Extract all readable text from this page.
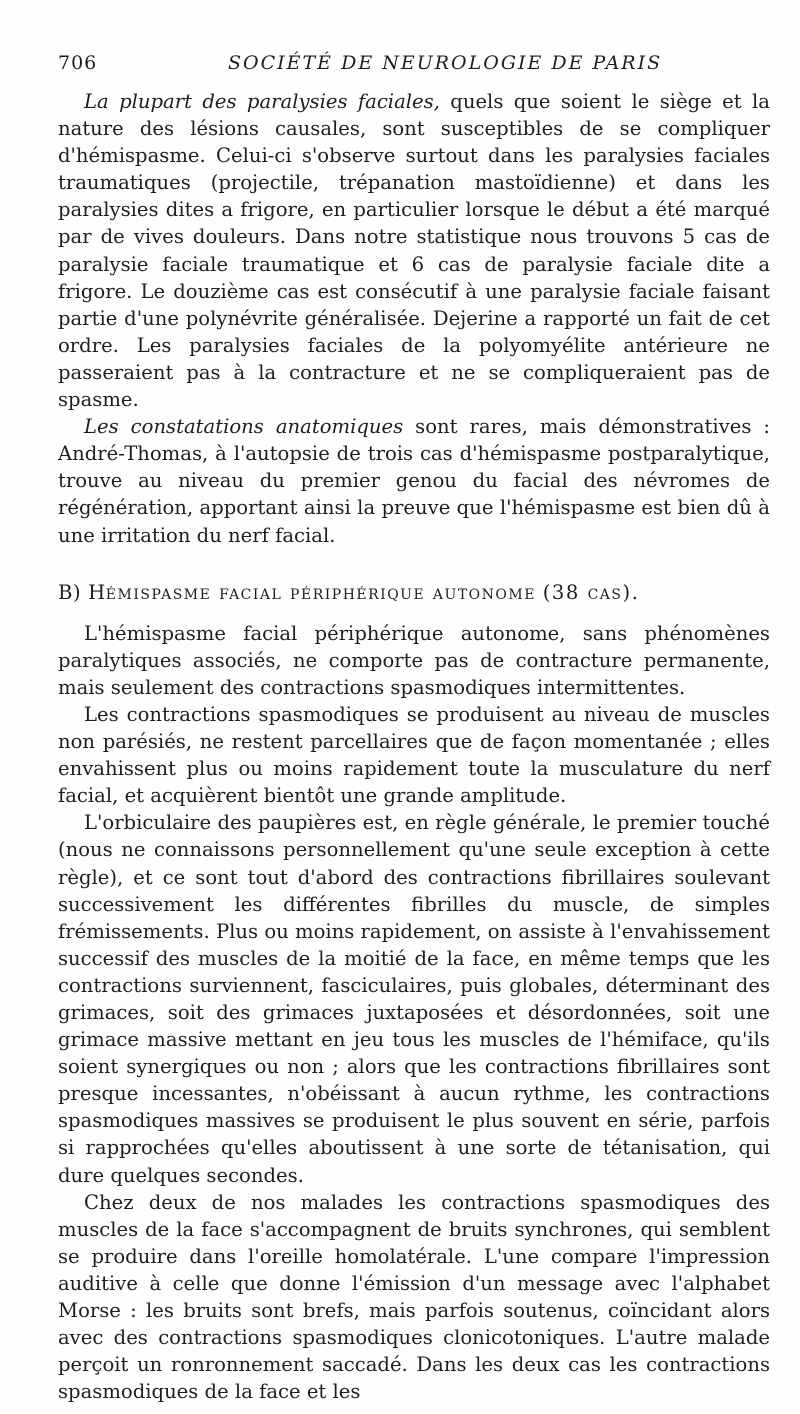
706	SOCIÉTÉ DE NEUROLOGIE DE PARIS

La plupart des paralysies faciales, quels que soient le siège et la nature des lésions causales, sont susceptibles de se compliquer d'hémispasme. Celui-ci s'observe surtout dans les paralysies faciales traumatiques (projectile, trépanation mastoïdienne) et dans les paralysies dites a frigore, en particulier lorsque le début a été marqué par de vives douleurs. Dans notre statistique nous trouvons 5 cas de paralysie faciale traumatique et 6 cas de paralysie faciale dite a frigore. Le douzième cas est consécutif à une paralysie faciale faisant partie d'une polynévrite généralisée. Dejerine a rapporté un fait de cet ordre. Les paralysies faciales de la polyomyélite antérieure ne passeraient pas à la contracture et ne se compliqueraient pas de spasme.

Les constatations anatomiques sont rares, mais démonstratives : André-Thomas, à l'autopsie de trois cas d'hémispasme postparalytique, trouve au niveau du premier genou du facial des névromes de régénération, apportant ainsi la preuve que l'hémispasme est bien dû à une irritation du nerf facial.

B) Hémispasme facial périphérique autonome (38 cas).

L'hémispasme facial périphérique autonome, sans phénomènes paralytiques associés, ne comporte pas de contracture permanente, mais seulement des contractions spasmodiques intermittentes.

Les contractions spasmodiques se produisent au niveau de muscles non parésiés, ne restent parcellaires que de façon momentanée ; elles envahissent plus ou moins rapidement toute la musculature du nerf facial, et acquièrent bientôt une grande amplitude.

L'orbiculaire des paupières est, en règle générale, le premier touché (nous ne connaissons personnellement qu'une seule exception à cette règle), et ce sont tout d'abord des contractions fibrillaires soulevant successivement les différentes fibrilles du muscle, de simples frémissements. Plus ou moins rapidement, on assiste à l'envahissement successif des muscles de la moitié de la face, en même temps que les contractions surviennent, fasciculaires, puis globales, déterminant des grimaces, soit des grimaces juxtaposées et désordonnées, soit une grimace massive mettant en jeu tous les muscles de l'hémiface, qu'ils soient synergiques ou non ; alors que les contractions fibrillaires sont presque incessantes, n'obéissant à aucun rythme, les contractions spasmodiques massives se produisent le plus souvent en série, parfois si rapprochées qu'elles aboutissent à une sorte de tétanisation, qui dure quelques secondes.

Chez deux de nos malades les contractions spasmodiques des muscles de la face s'accompagnent de bruits synchrones, qui semblent se produire dans l'oreille homolatérale. L'une compare l'impression auditive à celle que donne l'émission d'un message avec l'alphabet Morse : les bruits sont brefs, mais parfois soutenus, coïncidant alors avec des contractions spasmodiques clonicotoniques. L'autre malade perçoit un ronronnement saccadé. Dans les deux cas les contractions spasmodiques de la face et les
